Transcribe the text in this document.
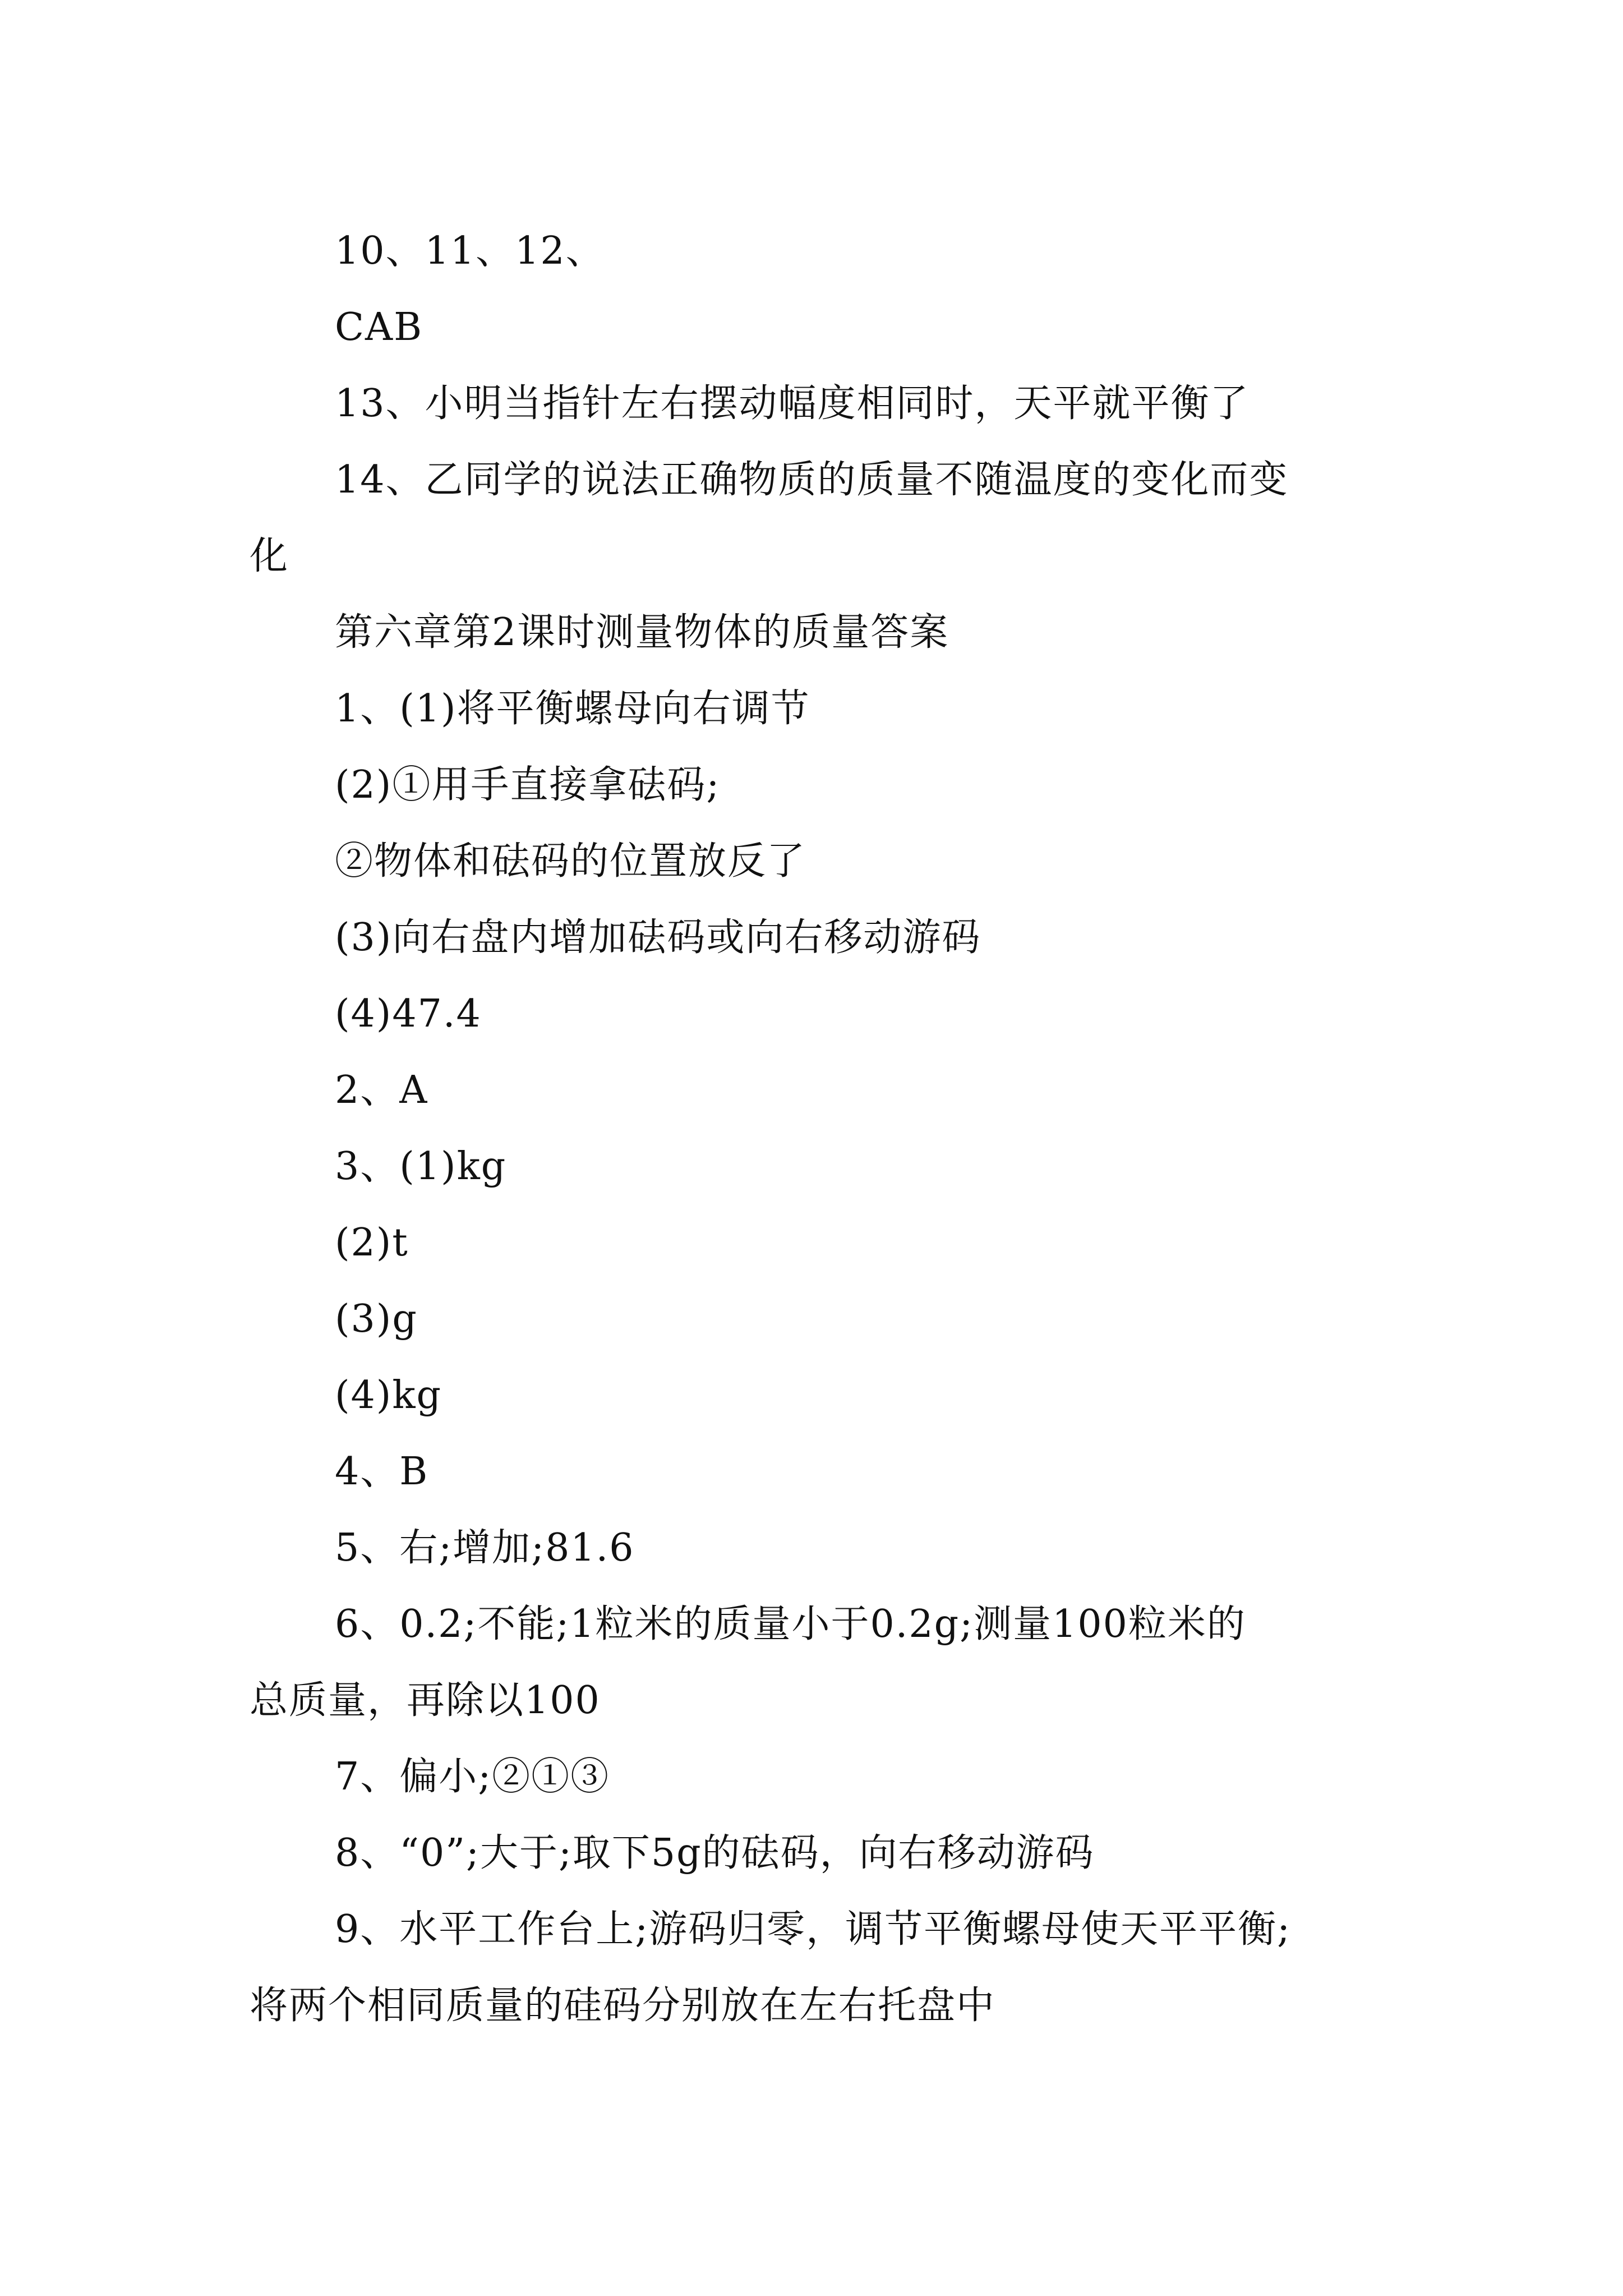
10、11、12、
CAB
13、小明当指针左右摆动幅度相同时，天平就平衡了
14、乙同学的说法正确物质的质量不随温度的变化而变
化
第六章第2课时测量物体的质量答案
1、(1)将平衡螺母向右调节
(2)①用手直接拿砝码;
②物体和砝码的位置放反了
(3)向右盘内增加砝码或向右移动游码
(4)47.4
2、A
3、(1)kg
(2)t
(3)g
(4)kg
4、B
5、右;增加;81.6
6、0.2;不能;1粒米的质量小于0.2g;测量100粒米的
总质量，再除以100
7、偏小;②①③
8、“0”;大于;取下5g的砝码，向右移动游码
9、水平工作台上;游码归零，调节平衡螺母使天平平衡;
将两个相同质量的硅码分别放在左右托盘中
